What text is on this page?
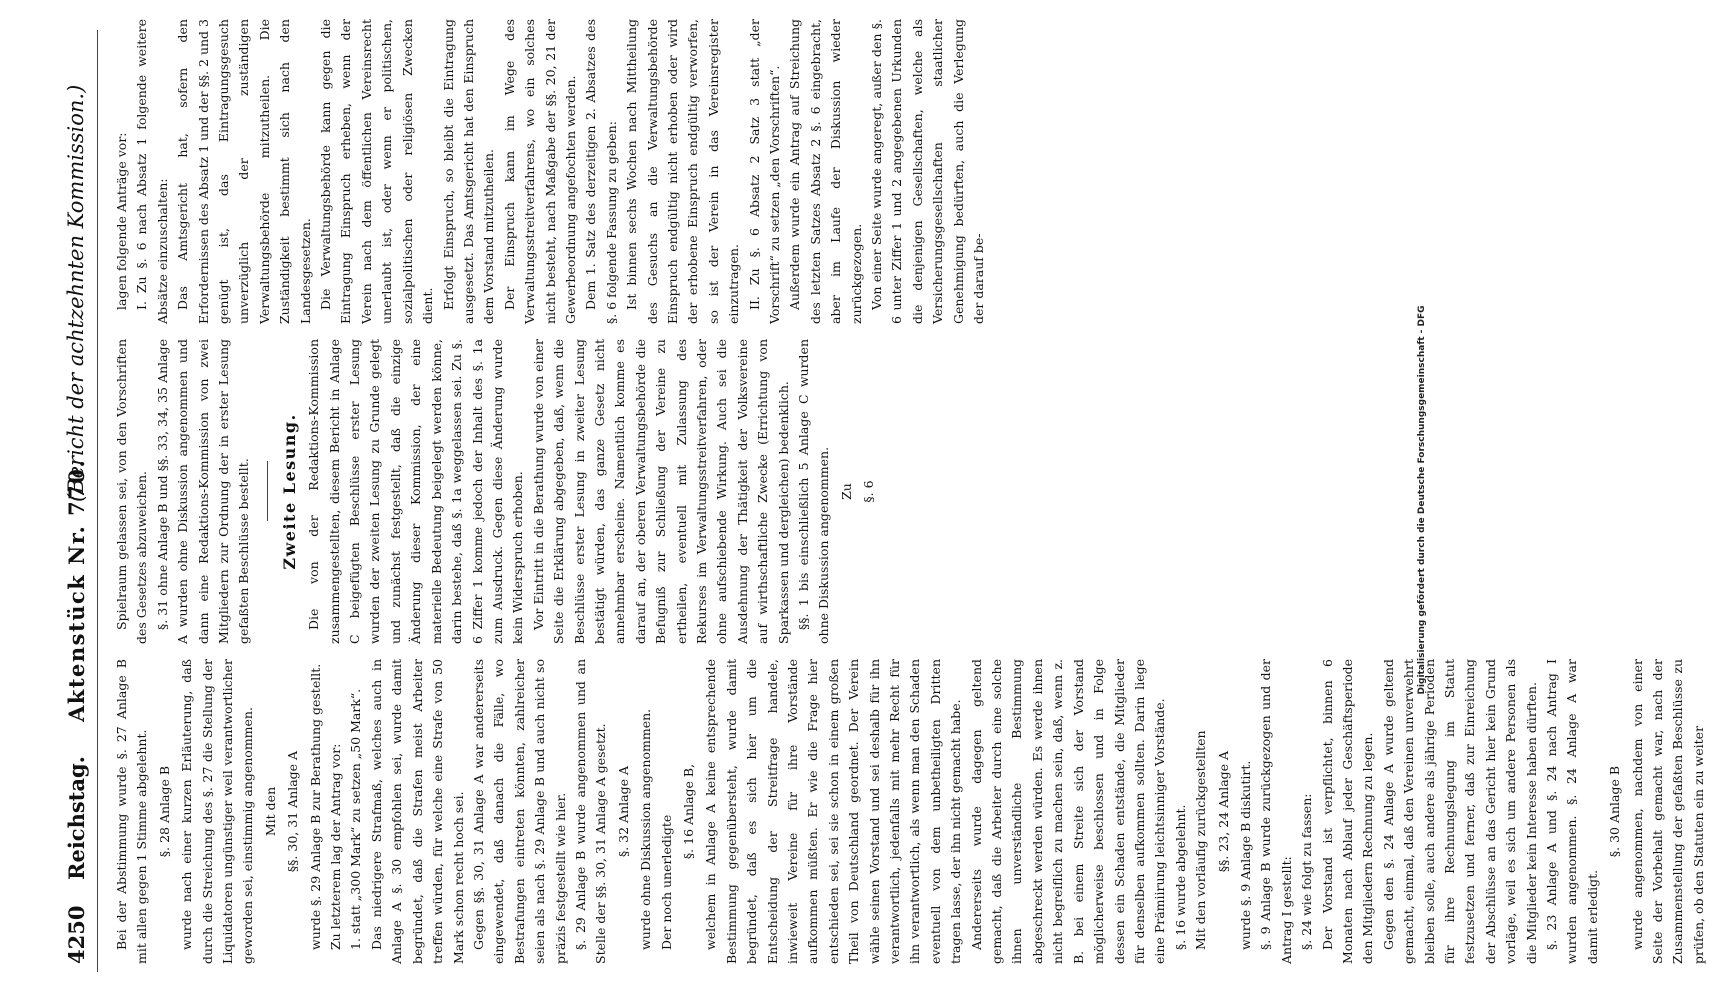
4250
Reichstag.
Aktenstück Nr. 770.
(Bericht der achtzehnten Kommission.)

Bei der Abstimmung wurde §. 27 Anlage B mit allen gegen 1 Stimme abgelehnt. §. 28 Anlage B wurde nach einer kurzen Erläuterung, daß durch die Streichung des §. 27 die Stellung der Liquidatoren ungünstiger weil verantwortlicher geworden sei, einstimmig angenommen. Mit den §§. 30, 31 Anlage A wurde §. 29 Anlage B zur Berathung gestellt. Zu letzterem lag der Antrag vor: 1. statt „300 Mark“ zu setzen „50 Mark“. Das niedrigere Strafmaß, welches auch in Anlage A §. 30 empfohlen sei, wurde damit begründet, daß die Strafen meist Arbeiter treffen würden, für welche eine Strafe von 50 Mark schon recht hoch sei. Gegen §§. 30, 31 Anlage A war andererseits eingewendet, daß danach die Fälle, wo Bestrafungen eintreten könnten, zahlreicher seien als nach §. 29 Anlage B und auch nicht so präzis festgestellt wie hier. §. 29 Anlage B wurde angenommen und an Stelle der §§. 30, 31 Anlage A gesetzt. §. 32 Anlage A wurde ohne Diskussion angenommen. Der noch unerledigte

§. 16 Anlage B, welchem in Anlage A keine entsprechende Bestimmung gegenübersteht, wurde damit begründet, daß es sich hier um die Entscheidung der Streitfrage handele, inwieweit Vereine für ihre Vorstände aufkommen müßten. Er wie die Frage hier entschieden sei, sei sie schon in einem großen Theil von Deutschland geordnet. Der Verein wähle seinen Vorstand und sei deshalb für ihn verantwortlich, jedenfalls mit mehr Recht für ihn verantwortlich, als wenn man den Schaden eventuell von dem unbetheiligten Dritten tragen lasse, der ihn nicht gemacht habe. Andererseits wurde dagegen geltend gemacht, daß die Arbeiter durch eine solche ihnen unverständliche Bestimmung abgeschreckt werden würden. Es werde ihnen nicht begreiflich zu machen sein, daß, wenn z. B. bei einem Streite sich der Vorstand möglicherweise beschlossen und in Folge dessen ein Schaden entstände, die Mitglieder für denselben aufkommen sollten. Darin liege eine Prämiirung leichtsinniger Vorstände. §. 16 wurde abgelehnt. Mit den vorläufig zurückgestellten §§. 23, 24 Anlage A wurde §. 9 Anlage B diskutirt. §. 9 Anlage B wurde zurückgezogen und der Antrag I gestellt: §. 24 wie folgt zu fassen: Der Vorstand ist verpflichtet, binnen 6 Monaten nach Ablauf jeder Geschäftsperiode den Mitgliedern Rechnung zu legen. Gegen den §. 24 Anlage A wurde geltend gemacht, einmal, daß den Vereinen unverwehrt bleiben solle, auch andere als jährige Perioden für ihre Rechnungslegung im Statut festzusetzen und ferner, daß zur Einreichung der Abschlüsse an das Gericht hier kein Grund vorläge, weil es sich um andere Personen als die Mitglieder kein Interesse haben dürften. §. 23 Anlage A und §. 24 nach Antrag I wurden angenommen. §. 24 Anlage A war damit erledigt.

§. 30 Anlage B wurde angenommen, nachdem von einer Seite der Vorbehalt gemacht war, nach der Zusammenstellung der gefaßten Beschlüsse zu prüfen, ob den Statuten ein zu weiter

Spielraum gelassen sei, von den Vorschriften des Gesetzes abzuweichen. §. 31 ohne Anlage B und §§. 33, 34, 35 Anlage A wurden ohne Diskussion angenommen und dann eine Redaktions-Kommission von zwei Mitgliedern zur Ordnung der in erster Lesung gefaßten Beschlüsse bestellt. Zweite Lesung. Die von der Redaktions-Kommission zusammengestellten, diesem Bericht in Anlage C beigefügten Beschlüsse erster Lesung wurden der zweiten Lesung zu Grunde gelegt und zunächst festgestellt, daß die einzige Änderung dieser Kommission, der eine materielle Bedeutung beigelegt werden könne, darin bestehe, daß §. 1a weggelassen sei. Zu §. 6 Ziffer 1 komme jedoch der Inhalt des §. 1a zum Ausdruck. Gegen diese Änderung wurde kein Widerspruch erhoben. Vor Eintritt in die Berathung wurde von einer Seite die Erklärung abgegeben, daß, wenn die Beschlüsse erster Lesung in zweiter Lesung bestätigt würden, das ganze Gesetz nicht annehmbar erscheine. Namentlich komme es darauf an, der oberen Verwaltungsbehörde die Befugniß zur Schließung der Vereine zu ertheilen, eventuell mit Zulassung des Rekurses im Verwaltungsstreitverfahren, oder ohne aufschiebende Wirkung. Auch sei die Ausdehnung der Thätigkeit der Volksvereine auf wirthschaftliche Zwecke (Errichtung von Sparkassen und dergleichen) bedenklich. §§. 1 bis einschließlich 5 Anlage C wurden ohne Diskussion angenommen. Zu §. 6

lagen folgende Anträge vor: I. Zu §. 6 nach Absatz 1 folgende weitere Absätze einzuschalten: Das Amtsgericht hat, sofern den Erfordernissen des Absatz 1 und der §§. 2 und 3 genügt ist, das Eintragungsgesuch unverzüglich der zuständigen Verwaltungsbehörde mitzutheilen. Die Zuständigkeit bestimmt sich nach den Landesgesetzen. Die Verwaltungsbehörde kann gegen die Eintragung Einspruch erheben, wenn der Verein nach dem öffentlichen Vereinsrecht unerlaubt ist, oder wenn er politischen, sozialpolitischen oder religiösen Zwecken dient. Erfolgt Einspruch, so bleibt die Eintragung ausgesetzt. Das Amtsgericht hat den Einspruch dem Vorstand mitzutheilen. Der Einspruch kann im Wege des Verwaltungsstreitverfahrens, wo ein solches nicht besteht, nach Maßgabe der §§. 20, 21 der Gewerbeordnung angefochten werden. Dem 1. Satz des derzeitigen 2. Absatzes des §. 6 folgende Fassung zu geben: Ist binnen sechs Wochen nach Mittheilung des Gesuchs an die Verwaltungsbehörde Einspruch endgültig nicht erhoben oder wird der erhobene Einspruch endgültig verworfen, so ist der Verein in das Vereinsregister einzutragen. II. Zu §. 6 Absatz 2 Satz 3 statt „der Vorschrift“ zu setzen „den Vorschriften“. Außerdem wurde ein Antrag auf Streichung des letzten Satzes Absatz 2 §. 6 eingebracht, aber im Laufe der Diskussion wieder zurückgezogen. Von einer Seite wurde angeregt, außer den §. 6 unter Ziffer 1 und 2 angegebenen Urkunden die denjenigen Gesellschaften, welche als Versicherungsgesellschaften staatlicher Genehmigung bedürften, auch die Verlegung der darauf be-

Digitalisierung gefördert durch die Deutsche Forschungsgemeinschaft - DFG
